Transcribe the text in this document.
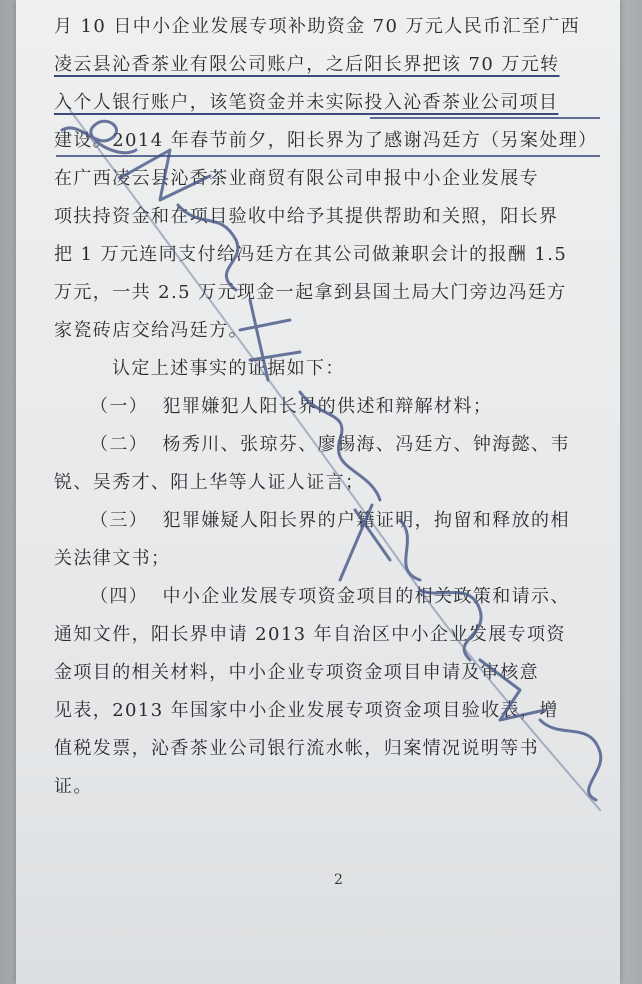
月 10 日中小企业发展专项补助资金 70 万元人民币汇至广西
凌云县沁香茶业有限公司账户，之后阳长界把该 70 万元转
入个人银行账户，该笔资金并未实际投入沁香茶业公司项目
建设。2014 年春节前夕，阳长界为了感谢冯廷方（另案处理）
在广西凌云县沁香茶业商贸有限公司申报中小企业发展专
项扶持资金和在项目验收中给予其提供帮助和关照，阳长界
把 1 万元连同支付给冯廷方在其公司做兼职会计的报酬 1.5
万元，一共 2.5 万元现金一起拿到县国土局大门旁边冯廷方
家瓷砖店交给冯廷方。
认定上述事实的证据如下：
（一） 犯罪嫌犯人阳长界的供述和辩解材料；
（二） 杨秀川、张琼芬、廖锡海、冯廷方、钟海懿、韦
锐、吴秀才、阳上华等人证人证言；
（三） 犯罪嫌疑人阳长界的户籍证明，拘留和释放的相
关法律文书；
（四） 中小企业发展专项资金项目的相关政策和请示、
通知文件，阳长界申请 2013 年自治区中小企业发展专项资
金项目的相关材料，中小企业专项资金项目申请及审核意
见表，2013 年国家中小企业发展专项资金项目验收表，增
值税发票，沁香茶业公司银行流水帐，归案情况说明等书
证。
2
